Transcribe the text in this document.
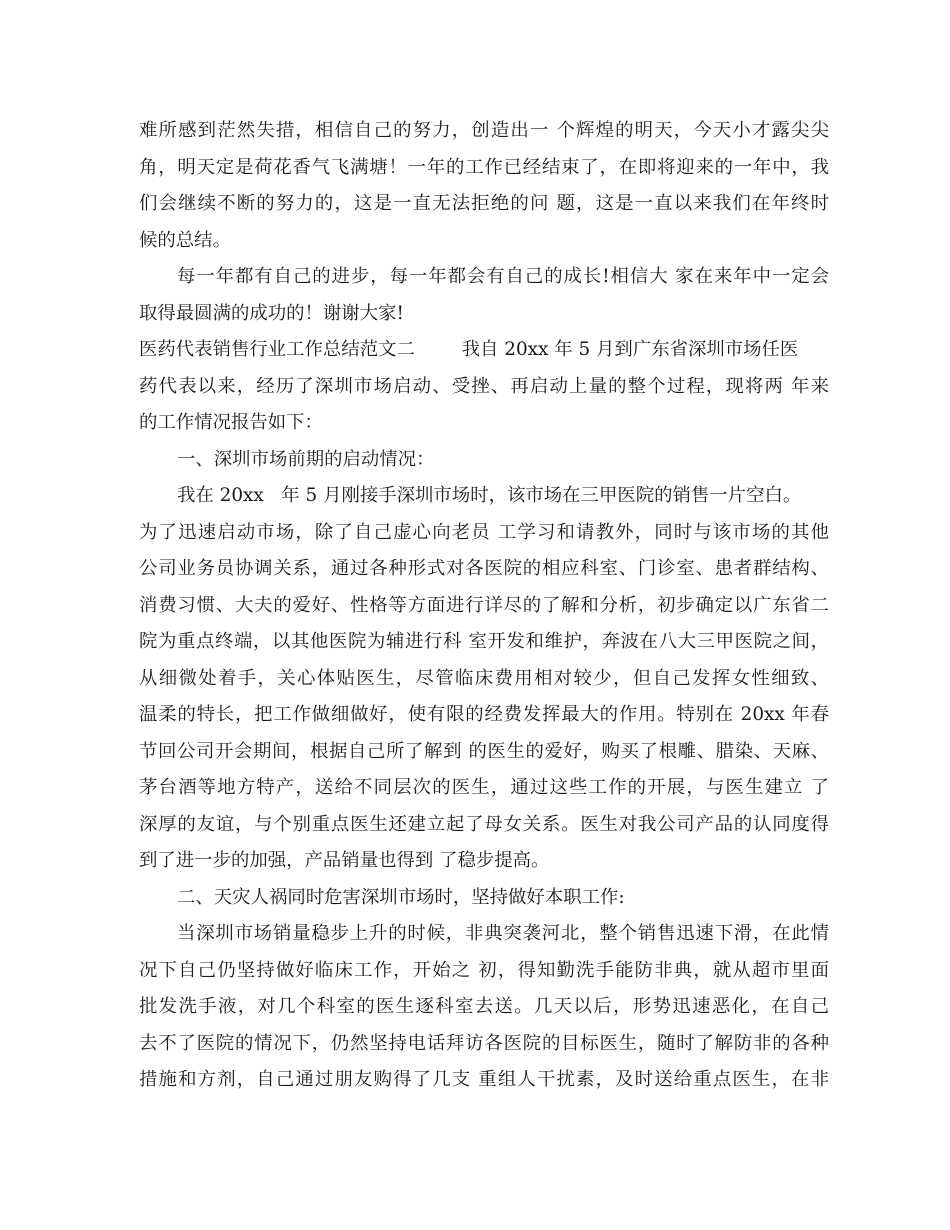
难所感到茫然失措，相信自己的努力，创造出一 个辉煌的明天，今天小才露尖尖
角，明天定是荷花香气飞满塘！一年的工作已经结束了，在即将迎来的一年中，我
们会继续不断的努力的，这是一直无法拒绝的问 题，这是一直以来我们在年终时
候的总结。
每一年都有自己的进步，每一年都会有自己的成长!相信大 家在来年中一定会
取得最圆满的成功的！谢谢大家!
医药代表销售行业工作总结范文二        我自 20xx 年 5 月到广东省深圳市场任医
药代表以来，经历了深圳市场启动、受挫、再启动上量的整个过程，现将两 年来
的工作情况报告如下：
一、深圳市场前期的启动情况：
我在 20xx   年 5 月刚接手深圳市场时，该市场在三甲医院的销售一片空白。
为了迅速启动市场，除了自己虚心向老员 工学习和请教外，同时与该市场的其他
公司业务员协调关系，通过各种形式对各医院的相应科室、门诊室、患者群结构、
消费习惯、大夫的爱好、性格等方面进行详尽的了解和分析，初步确定以广东省二
院为重点终端，以其他医院为辅进行科 室开发和维护，奔波在八大三甲医院之间，
从细微处着手，关心体贴医生，尽管临床费用相对较少，但自己发挥女性细致、
温柔的特长，把工作做细做好，使有限的经费发挥最大的作用。特别在 20xx 年春
节回公司开会期间，根据自己所了解到 的医生的爱好，购买了根雕、腊染、天麻、
茅台酒等地方特产，送给不同层次的医生，通过这些工作的开展，与医生建立 了
深厚的友谊，与个别重点医生还建立起了母女关系。医生对我公司产品的认同度得
到了进一步的加强，产品销量也得到 了稳步提高。
二、天灾人祸同时危害深圳市场时，坚持做好本职工作:
当深圳市场销量稳步上升的时候，非典突袭河北，整个销售迅速下滑，在此情
况下自己仍坚持做好临床工作，开始之 初，得知勤洗手能防非典，就从超市里面
批发洗手液，对几个科室的医生逐科室去送。几天以后，形势迅速恶化，在自己
去不了医院的情况下，仍然坚持电话拜访各医院的目标医生，随时了解防非的各种
措施和方剂，自己通过朋友购得了几支 重组人干扰素，及时送给重点医生，在非
